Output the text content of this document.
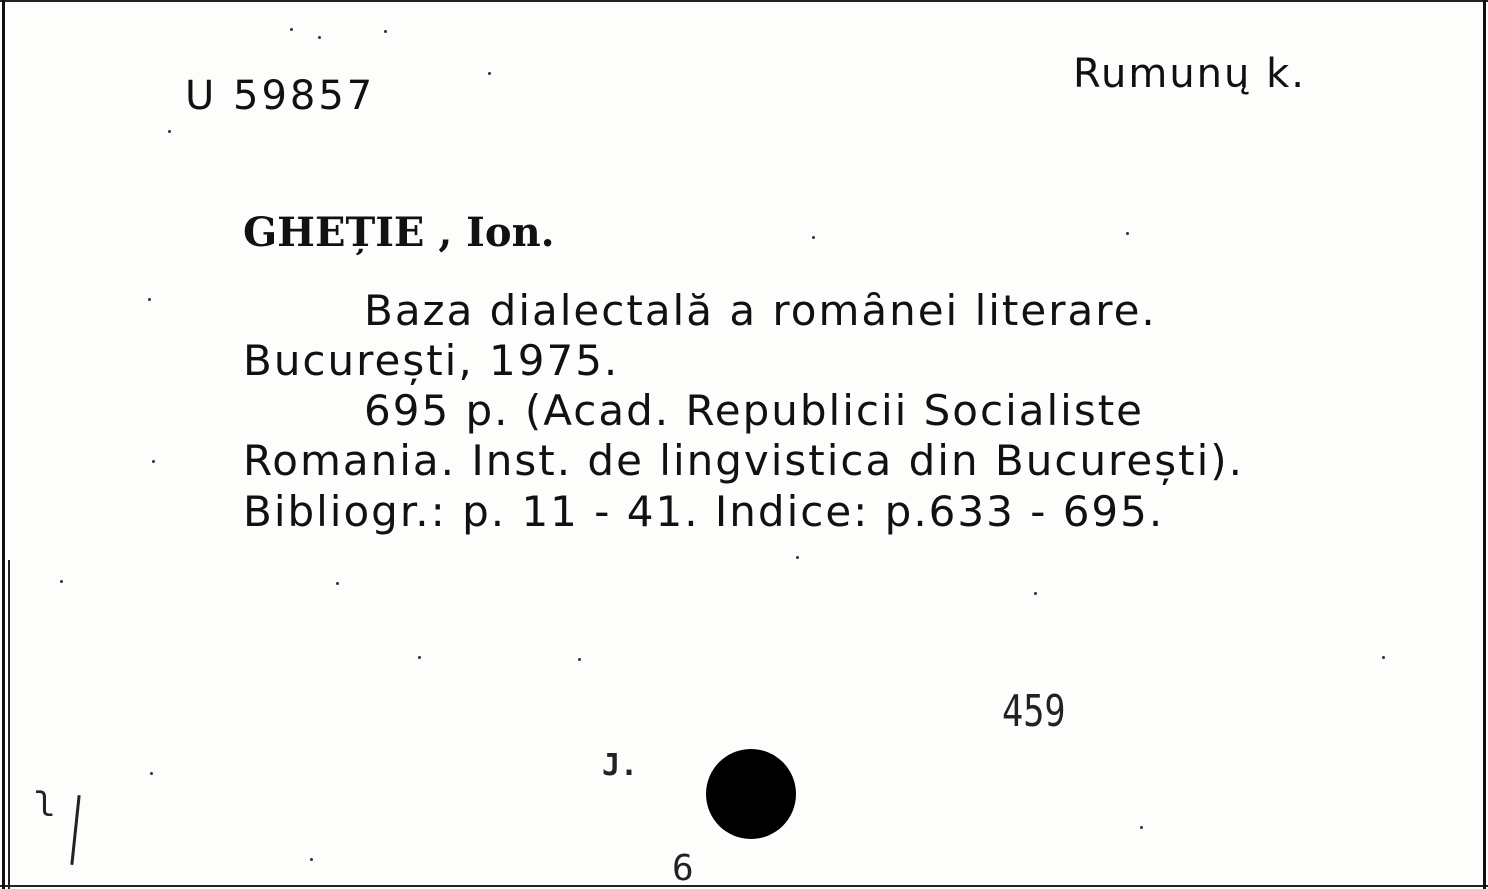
U 59857	Rumunų k.
GHEȚIE , Ion.
Baza dialectală a romȃnei literare.
București, 1975.
695 p. (Acad. Republicii Socialiste
Romania. Inst. de lingvistica din București).
Bibliogr.: p. 11 - 41. Indice: p.633 - 695.
459
J.
6
ʅ
